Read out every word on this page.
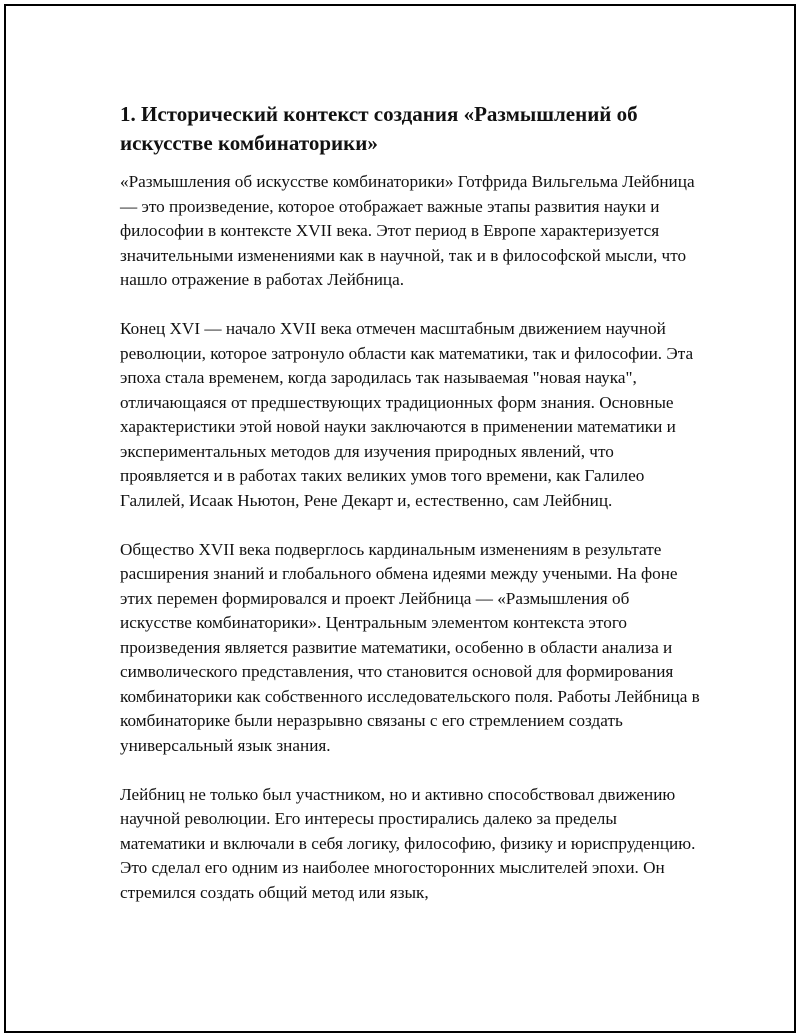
1. Исторический контекст создания «Размышлений об искусстве комбинаторики»

«Размышления об искусстве комбинаторики» Готфрида Вильгельма Лейбница — это произведение, которое отображает важные этапы развития науки и философии в контексте XVII века. Этот период в Европе характеризуется значительными изменениями как в научной, так и в философской мысли, что нашло отражение в работах Лейбница.

Конец XVI — начало XVII века отмечен масштабным движением научной революции, которое затронуло области как математики, так и философии. Эта эпоха стала временем, когда зародилась так называемая "новая наука", отличающаяся от предшествующих традиционных форм знания. Основные характеристики этой новой науки заключаются в применении математики и экспериментальных методов для изучения природных явлений, что проявляется и в работах таких великих умов того времени, как Галилео Галилей, Исаак Ньютон, Рене Декарт и, естественно, сам Лейбниц.

Общество XVII века подверглось кардинальным изменениям в результате расширения знаний и глобального обмена идеями между учеными. На фоне этих перемен формировался и проект Лейбница — «Размышления об искусстве комбинаторики». Центральным элементом контекста этого произведения является развитие математики, особенно в области анализа и символического представления, что становится основой для формирования комбинаторики как собственного исследовательского поля. Работы Лейбница в комбинаторике были неразрывно связаны с его стремлением создать универсальный язык знания.

Лейбниц не только был участником, но и активно способствовал движению научной революции. Его интересы простирались далеко за пределы математики и включали в себя логику, философию, физику и юриспруденцию. Это сделал его одним из наиболее многосторонних мыслителей эпохи. Он стремился создать общий метод или язык,
